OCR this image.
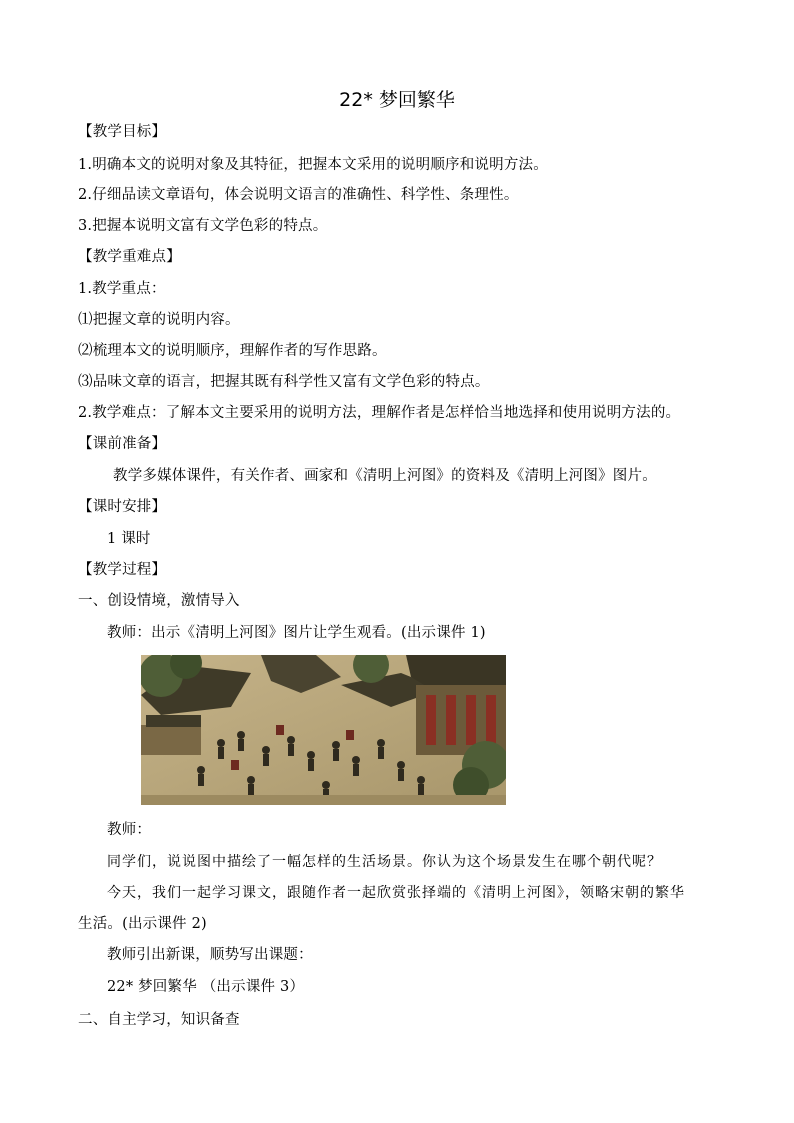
22* 梦回繁华
【教学目标】
1.明确本文的说明对象及其特征，把握本文采用的说明顺序和说明方法。
2.仔细品读文章语句，体会说明文语言的准确性、科学性、条理性。
3.把握本说明文富有文学色彩的特点。
【教学重难点】
1.教学重点：
⑴把握文章的说明内容。
⑵梳理本文的说明顺序，理解作者的写作思路。
⑶品味文章的语言，把握其既有科学性又富有文学色彩的特点。
2.教学难点：了解本文主要采用的说明方法，理解作者是怎样恰当地选择和使用说明方法的。
【课前准备】
教学多媒体课件，有关作者、画家和《清明上河图》的资料及《清明上河图》图片。
【课时安排】
1 课时
【教学过程】
一、创设情境，激情导入
教师：出示《清明上河图》图片让学生观看。(出示课件 1)
教师：
同学们，说说图中描绘了一幅怎样的生活场景。你认为这个场景发生在哪个朝代呢？
今天，我们一起学习课文，跟随作者一起欣赏张择端的《清明上河图》，领略宋朝的繁华
生活。(出示课件 2)
教师引出新课，顺势写出课题：
22* 梦回繁华 （出示课件 3）
二、自主学习，知识备查
